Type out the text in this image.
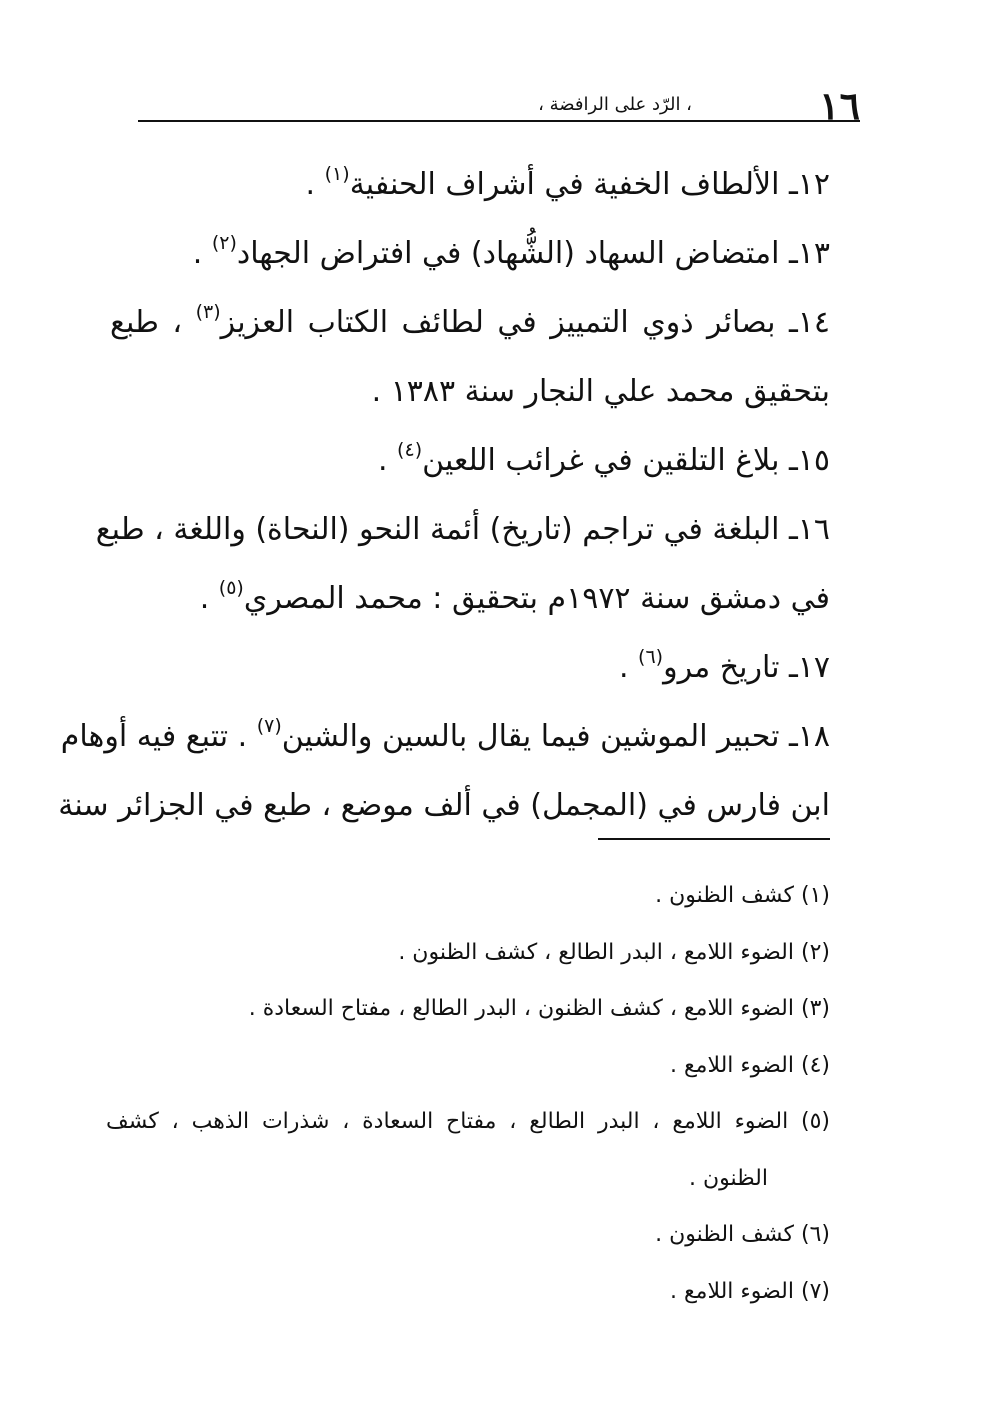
١٦
، الرّد على الرافضة ،
١٢ـ الألطاف الخفية في أشراف الحنفية$^{(١)}$ .
١٣ـ امتضاض السهاد (الشُّهاد) في افتراض الجهاد$^{(٢)}$ .
١٤ـ بصائر ذوي التمييز في لطائف الكتاب العزيز$^{(٣)}$ ، طبع
بتحقيق محمد علي النجار سنة ١٣٨٣ .
١٥ـ بلاغ التلقين في غرائب اللعين$^{(٤)}$ .
١٦ـ البلغة في تراجم (تاريخ) أئمة النحو (النحاة) واللغة ، طبع
في دمشق سنة ١٩٧٢م بتحقيق : محمد المصري$^{(٥)}$ .
١٧ـ تاريخ مرو$^{(٦)}$ .
١٨ـ تحبير الموشين فيما يقال بالسين والشين$^{(٧)}$ . تتبع فيه أوهام
ابن فارس في (المجمل) في ألف موضع ، طبع في الجزائر سنة
(١) كشف الظنون .
(٢) الضوء اللامع ، البدر الطالع ، كشف الظنون .
(٣) الضوء اللامع ، كشف الظنون ، البدر الطالع ، مفتاح السعادة .
(٤) الضوء اللامع .
(٥) الضوء اللامع ، البدر الطالع ، مفتاح السعادة ، شذرات الذهب ، كشف
الظنون .
(٦) كشف الظنون .
(٧) الضوء اللامع .
